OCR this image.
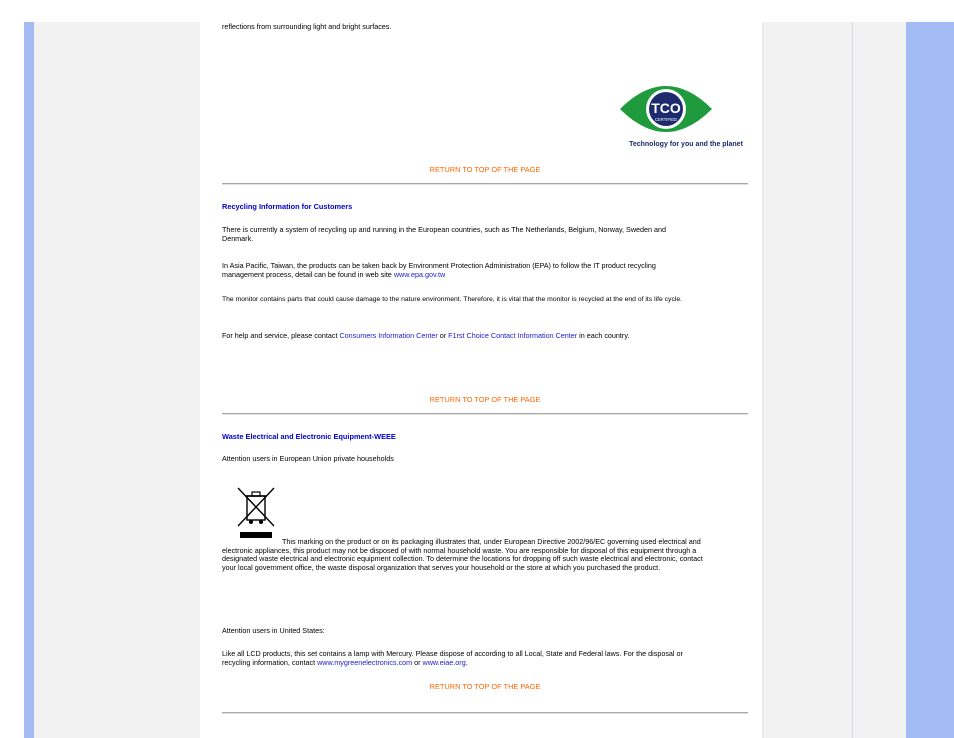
reflections from surrounding light and bright surfaces.

TCO
CERTIFIED
Technology for you and the planet
RETURN TO TOP OF THE PAGE

Recycling Information for Customers

There is currently a system of recycling up and running in the European countries, such as The Netherlands, Belgium, Norway, Sweden and Denmark.

In Asia Pacific, Taiwan, the products can be taken back by Environment Protection Administration (EPA) to follow the IT product recycling management process, detail can be found in web site www.epa.gov.tw

The monitor contains parts that could cause damage to the nature environment. Therefore, it is vital that the monitor is recycled at the end of its life cycle.

For help and service, please contact Consumers Information Center or F1rst Choice Contact Information Center in each country.

RETURN TO TOP OF THE PAGE

Waste Electrical and Electronic Equipment-WEEE

Attention users in European Union private households

This marking on the product or on its packaging illustrates that, under European Directive 2002/96/EC governing used electrical and electronic appliances, this product may not be disposed of with normal household waste. You are responsible for disposal of this equipment through a designated waste electrical and electronic equipment collection. To determine the locations for dropping off such waste electrical and electronic, contact your local government office, the waste disposal organization that serves your household or the store at which you purchased the product.

Attention users in United States:

Like all LCD products, this set contains a lamp with Mercury. Please dispose of according to all Local, State and Federal laws. For the disposal or recycling information, contact www.mygreenelectronics.com or www.eiae.org.

RETURN TO TOP OF THE PAGE
